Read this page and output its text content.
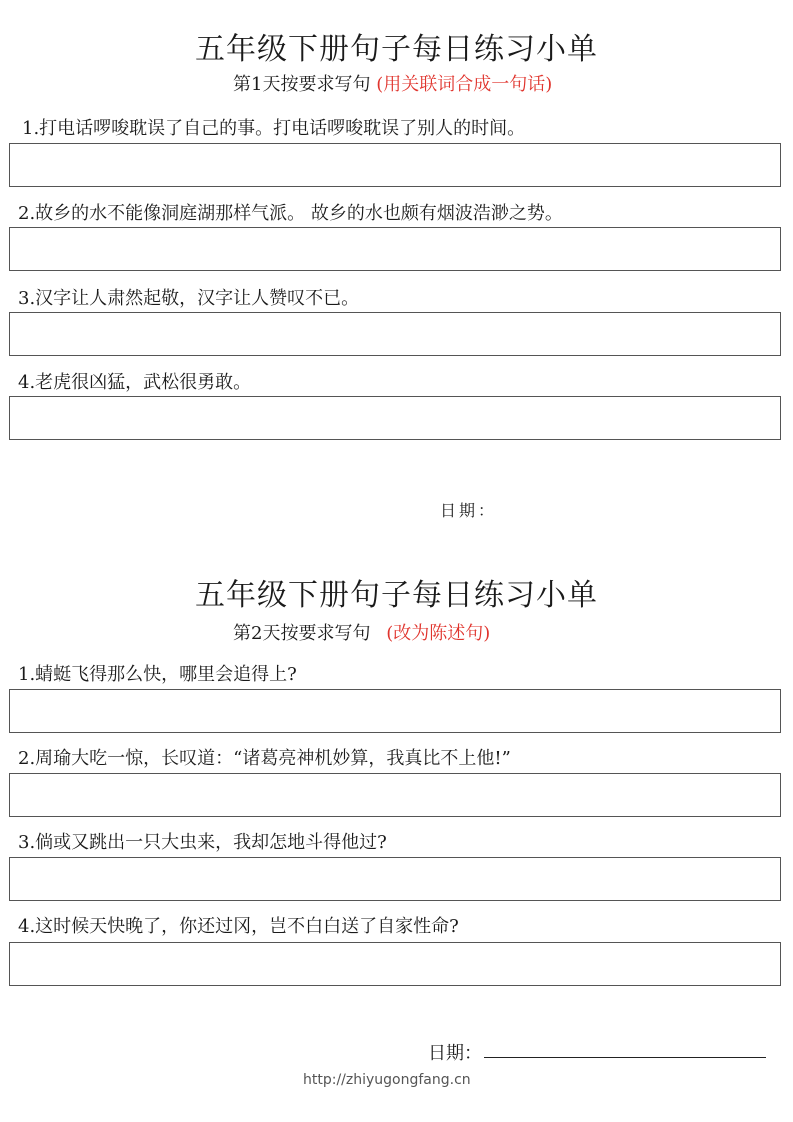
五年级下册句子每日练习小单
第1天按要求写句 (用关联词合成一句话)
1.打电话啰唆耽误了自己的事。打电话啰唆耽误了别人的时间。
2.故乡的水不能像洞庭湖那样气派。 故乡的水也颇有烟波浩渺之势。
3.汉字让人肃然起敬，汉字让人赞叹不已。
4.老虎很凶猛，武松很勇敢。
日期：
五年级下册句子每日练习小单
第2天按要求写句 (改为陈述句)
1.蜻蜓飞得那么快，哪里会追得上?
2.周瑜大吃一惊，长叹道：“诸葛亮神机妙算，我真比不上他!”
3.倘或又跳出一只大虫来，我却怎地斗得他过?
4.这时候天快晚了，你还过冈，岂不白白送了自家性命?
日期：
http://zhiyugongfang.cn
